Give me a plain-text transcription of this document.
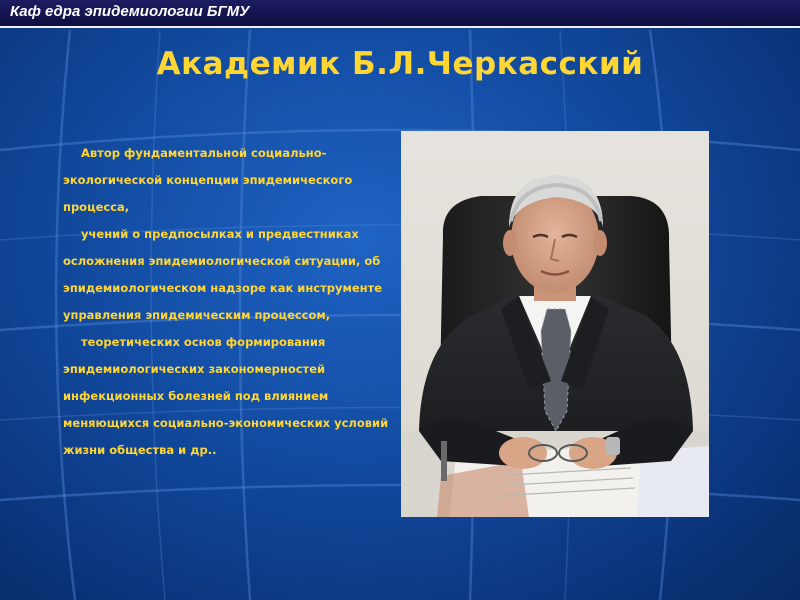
Каф едра эпидемиологии БГМУ
Академик Б.Л.Черкасский

Автор фундаментальной социально-экологической концепции эпидемического процесса,

учений о предпосылках и предвестниках осложнения эпидемиологической ситуации, об эпидемиологическом надзоре как инструменте управления эпидемическим процессом,

теоретических основ формирования эпидемиологических закономерностей инфекционных болезней под влиянием меняющихся социально-экономических условий жизни общества и др..
